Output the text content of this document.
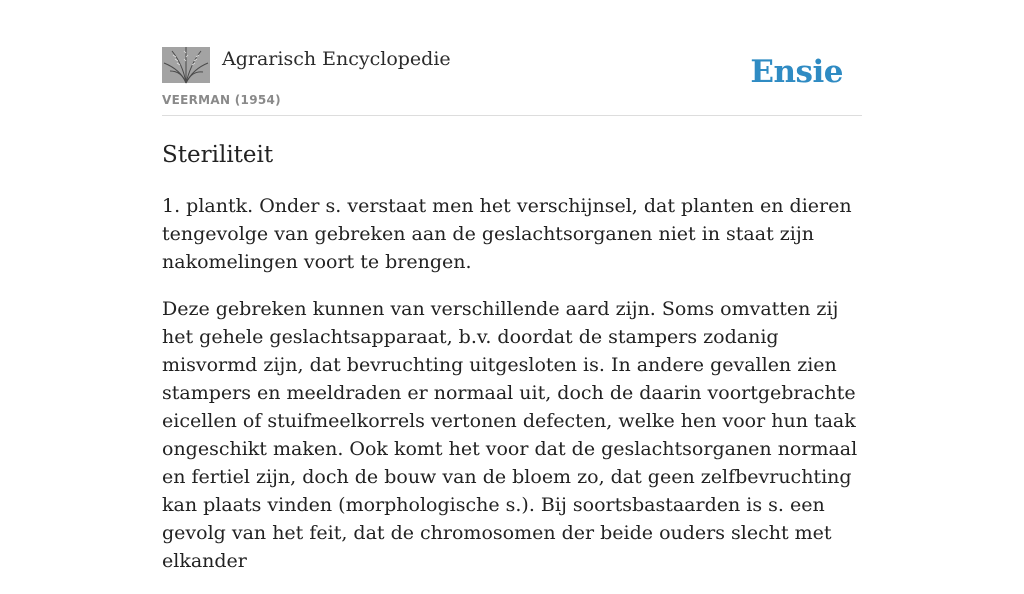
Agrarisch Encyclopedie
VEERMAN (1954)
Ensie
Steriliteit

1. plantk. Onder s. verstaat men het verschijnsel, dat planten en dieren tengevolge van gebreken aan de geslachtsorganen niet in staat zijn nakomelingen voort te brengen.

Deze gebreken kunnen van verschillende aard zijn. Soms omvatten zij het gehele geslachtsapparaat, b.v. doordat de stampers zodanig misvormd zijn, dat bevruchting uitgesloten is. In andere gevallen zien stampers en meeldraden er normaal uit, doch de daarin voortgebrachte eicellen of stuifmeelkorrels vertonen defecten, welke hen voor hun taak ongeschikt maken. Ook komt het voor dat de geslachtsorganen normaal en fertiel zijn, doch de bouw van de bloem zo, dat geen zelfbevruchting kan plaats vinden (morphologische s.). Bij soortsbastaarden is s. een gevolg van het feit, dat de chromosomen der beide ouders slecht met elkander
